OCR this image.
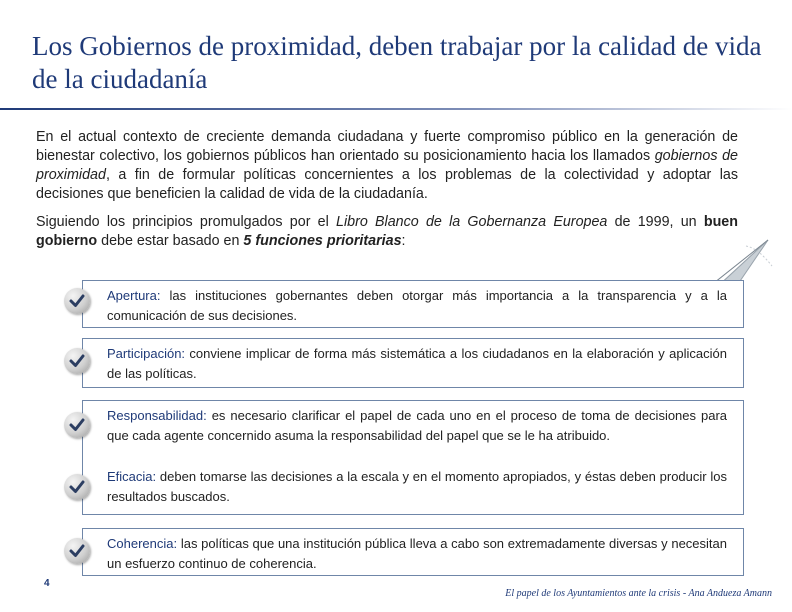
Los Gobiernos de proximidad, deben trabajar por la calidad de vida de la ciudadanía

En el actual contexto de creciente demanda ciudadana y fuerte compromiso público en la generación de bienestar colectivo, los gobiernos públicos han orientado su posicionamiento hacia los llamados gobiernos de proximidad, a fin de formular políticas concernientes a los problemas de la colectividad y adoptar las decisiones que beneficien la calidad de vida de la ciudadanía.

Siguiendo los principios promulgados por el Libro Blanco de la Gobernanza Europea de 1999, un buen gobierno debe estar basado en 5 funciones prioritarias:

Apertura: las instituciones gobernantes deben otorgar más importancia a la transparencia y a la comunicación de sus decisiones.
Participación: conviene implicar de forma más sistemática a los ciudadanos en la elaboración y aplicación de las políticas.
Responsabilidad: es necesario clarificar el papel de cada uno en el proceso de toma de decisiones para que cada agente concernido asuma la responsabilidad del papel que se le ha atribuido.
Eficacia: deben tomarse las decisiones a la escala y en el momento apropiados, y éstas deben producir los resultados buscados.
Coherencia: las políticas que una institución pública lleva a cabo son extremadamente diversas y necesitan un esfuerzo continuo de coherencia.
4
El papel de los Ayuntamientos ante la crisis - Ana Andueza Amann
